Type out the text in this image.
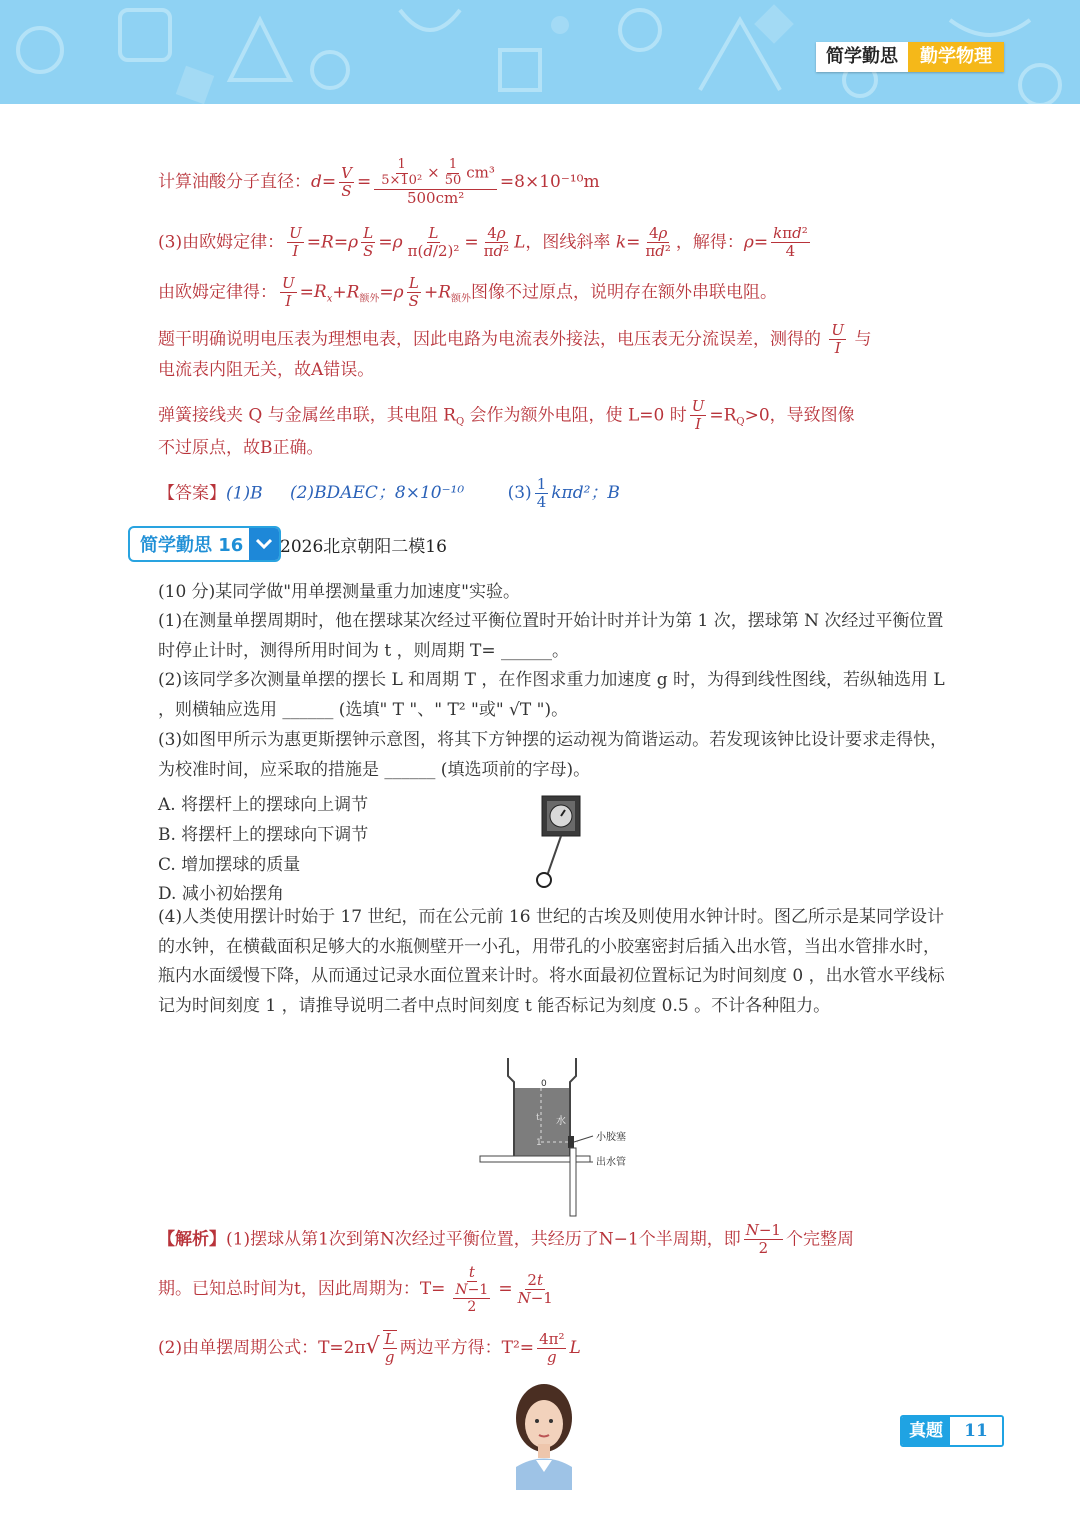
简学勤思	勤学物理
计算油酸分子直径：$d= \frac{V}{S} = \frac{\frac{1}{\text{5×10²}} \times \frac{1}{50} cm^3}{\text{500cm²}} =8\times 10^{-10}m$
(3)由欧姆定律： $\frac{U}{I} =R=\rho \frac{L}{S} =\rho \frac{L}{\text{π(d/2)²}} = \frac{4\rho}{\text{πd²}}$ L，图线斜率 $k= \frac{4\rho}{\text{πd²}}$ ，解得：$\rho= \frac{\text{kπd²}}{4}$
由欧姆定律得： $\frac{U}{I} =R_x+R_{额外}=\rho \frac{L}{S} +R_{额外}$图像不过原点，说明存在额外串联电阻。
题干明确说明电压表为理想电表，因此电路为电流表外接法，电压表无分流误差，测得的 $\frac{U}{I}$ 与
电流表内阻无关，故A错误。
弹簧接线夹 Q 与金属丝串联，其电阻 $R_Q$ 会作为额外电阻，使 L=0 时 $\frac{U}{I} =R_Q>0$，导致图像
不过原点，故B正确。
【答案】(1)B (2)BDAEC；8×10⁻¹⁰	$(3) \frac{1}{4} k\pi d^2$；B
简学勤思 16	2026北京朝阳二模16
(10 分)某同学做"用单摆测量重力加速度"实验。
(1)在测量单摆周期时，他在摆球某次经过平衡位置时开始计时并计为第 1 次，摆球第 N 次经过平衡位置时停止计时，测得所用时间为 t ，则周期 T= ______。
(2)该同学多次测量单摆的摆长 L 和周期 T ，在作图求重力加速度 g 时，为得到线性图线，若纵轴选用 L ，则横轴应选用 ______ (选填" T "、" T² "或" √T ")。
(3)如图甲所示为惠更斯摆钟示意图，将其下方钟摆的运动视为简谐运动。若发现该钟比设计要求走得快，为校准时间，应采取的措施是 ______ (填选项前的字母)。
A. 将摆杆上的摆球向上调节
B. 将摆杆上的摆球向下调节
C. 增加摆球的质量
D. 减小初始摆角
(4)人类使用摆计时始于 17 世纪，而在公元前 16 世纪的古埃及则使用水钟计时。图乙所示是某同学设计的水钟，在横截面积足够大的水瓶侧壁开一小孔，用带孔的小胶塞密封后插入出水管，当出水管排水时，瓶内水面缓慢下降，从而通过记录水面位置来计时。将水面最初位置标记为时间刻度 0 ，出水管水平线标记为时间刻度 1 ，请推导说明二者中点时间刻度 t 能否标记为刻度 0.5 。不计各种阻力。
0
t
1
水
小胶塞
出水管
【解析】(1)摆球从第1次到第N次经过平衡位置，共经历了N−1个半周期，即 $\frac{N-1}{2}$ 个完整周
期。已知总时间为t，因此周期为：$T= \frac{t}{\frac{N-1}{2}} = \frac{2t}{N-1}$
(2)由单摆周期公式：$T=2\pi√ \frac{L}{g}$ 两边平方得：$T^2= \frac{\text{4π²}}{g}$ L
真题	11
